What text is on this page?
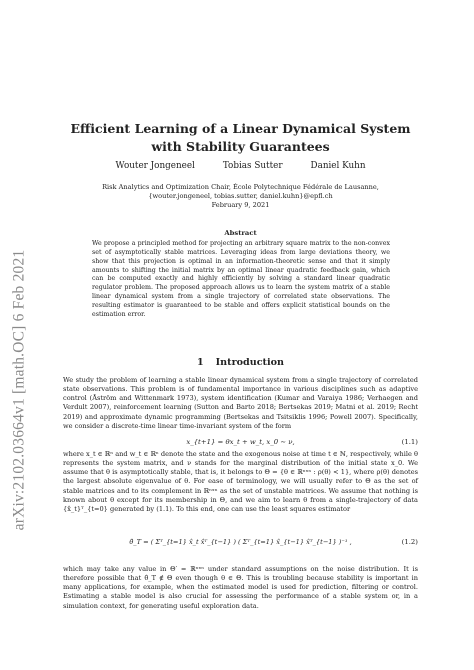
arXiv:2102.03664v1 [math.OC] 6 Feb 2021
Efficient Learning of a Linear Dynamical System
with Stability Guarantees
Wouter Jongeneel	Tobias Sutter	Daniel Kuhn
Risk Analytics and Optimization Chair, École Polytechnique Fédérale de Lausanne,
{wouter.jongeneel, tobias.sutter, daniel.kuhn}@epfl.ch
February 9, 2021
Abstract
We propose a principled method for projecting an arbitrary square matrix to the non-convex set of asymptotically stable matrices. Leveraging ideas from large deviations theory, we show that this projection is optimal in an information-theoretic sense and that it simply amounts to shifting the initial matrix by an optimal linear quadratic feedback gain, which can be computed exactly and highly efficiently by solving a standard linear quadratic regulator problem. The proposed approach allows us to learn the system matrix of a stable linear dynamical system from a single trajectory of correlated state observations. The resulting estimator is guaranteed to be stable and offers explicit statistical bounds on the estimation error.
1 Introduction
We study the problem of learning a stable linear dynamical system from a single trajectory of correlated state observations. This problem is of fundamental importance in various disciplines such as adaptive control (Åström and Wittenmark 1973), system identification (Kumar and Varaiya 1986; Verhaegen and Verdult 2007), reinforcement learning (Sutton and Barto 2018; Bertsekas 2019; Matni et al. 2019; Recht 2019) and approximate dynamic programming (Bertsekas and Tsitsiklis 1996; Powell 2007). Specifically, we consider a discrete-time linear time-invariant system of the form
x_{t+1} = θx_t + w_t, x_0 ∼ ν,	(1.1)
where x_t ∈ ℝⁿ and w_t ∈ ℝⁿ denote the state and the exogenous noise at time t ∈ ℕ, respectively, while θ represents the system matrix, and ν stands for the marginal distribution of the initial state x_0. We assume that θ is asymptotically stable, that is, it belongs to Θ = {θ ∈ ℝⁿˣⁿ : ρ(θ) < 1}, where ρ(θ) denotes the largest absolute eigenvalue of θ. For ease of terminology, we will usually refer to Θ as the set of stable matrices and to its complement in ℝⁿˣⁿ as the set of unstable matrices. We assume that nothing is known about θ except for its membership in Θ, and we aim to learn θ from a single-trajectory of data {x̂_t}ᵀ_{t=0} generated by (1.1). To this end, one can use the least squares estimator
θ̂_T = ( Σᵀ_{t=1} x̂_t x̂ᵀ_{t−1} ) ( Σᵀ_{t=1} x̂_{t−1} x̂ᵀ_{t−1} )⁻¹ ,	(1.2)
which may take any value in Θ′ = ℝⁿˣⁿ under standard assumptions on the noise distribution. It is therefore possible that θ̂_T ∉ Θ even though θ ∈ Θ. This is troubling because stability is important in many applications, for example, when the estimated model is used for prediction, filtering or control. Estimating a stable model is also crucial for assessing the performance of a stable system or, in a simulation context, for generating useful exploration data.
